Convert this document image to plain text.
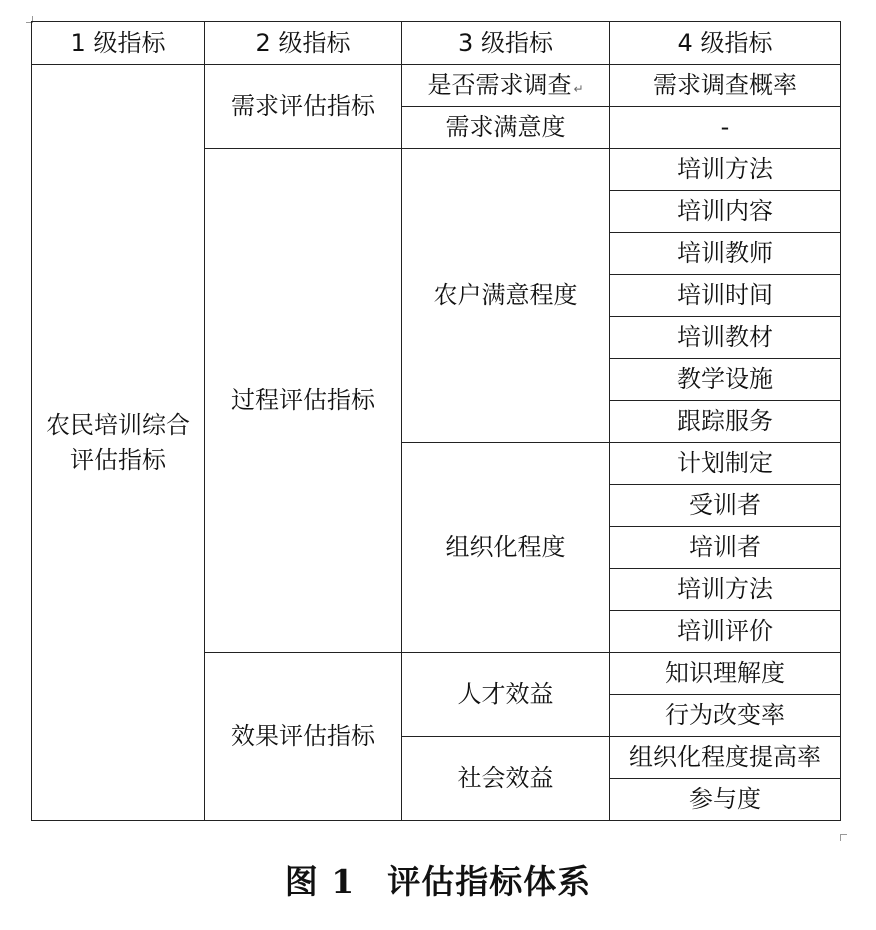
1 级指标	2 级指标	3 级指标	4 级指标
农民培训综合评估指标	需求评估指标	是否需求调查 ↵	需求调查概率
		需求满意度	-
	过程评估指标	农户满意程度	培训方法
			培训内容
			培训教师
			培训时间
			培训教材
			教学设施
			跟踪服务
		组织化程度	计划制定
			受训者
			培训者
			培训方法
			培训评价
	效果评估指标	人才效益	知识理解度
			行为改变率
		社会效益	组织化程度提高率
			参与度
图 1 评估指标体系
